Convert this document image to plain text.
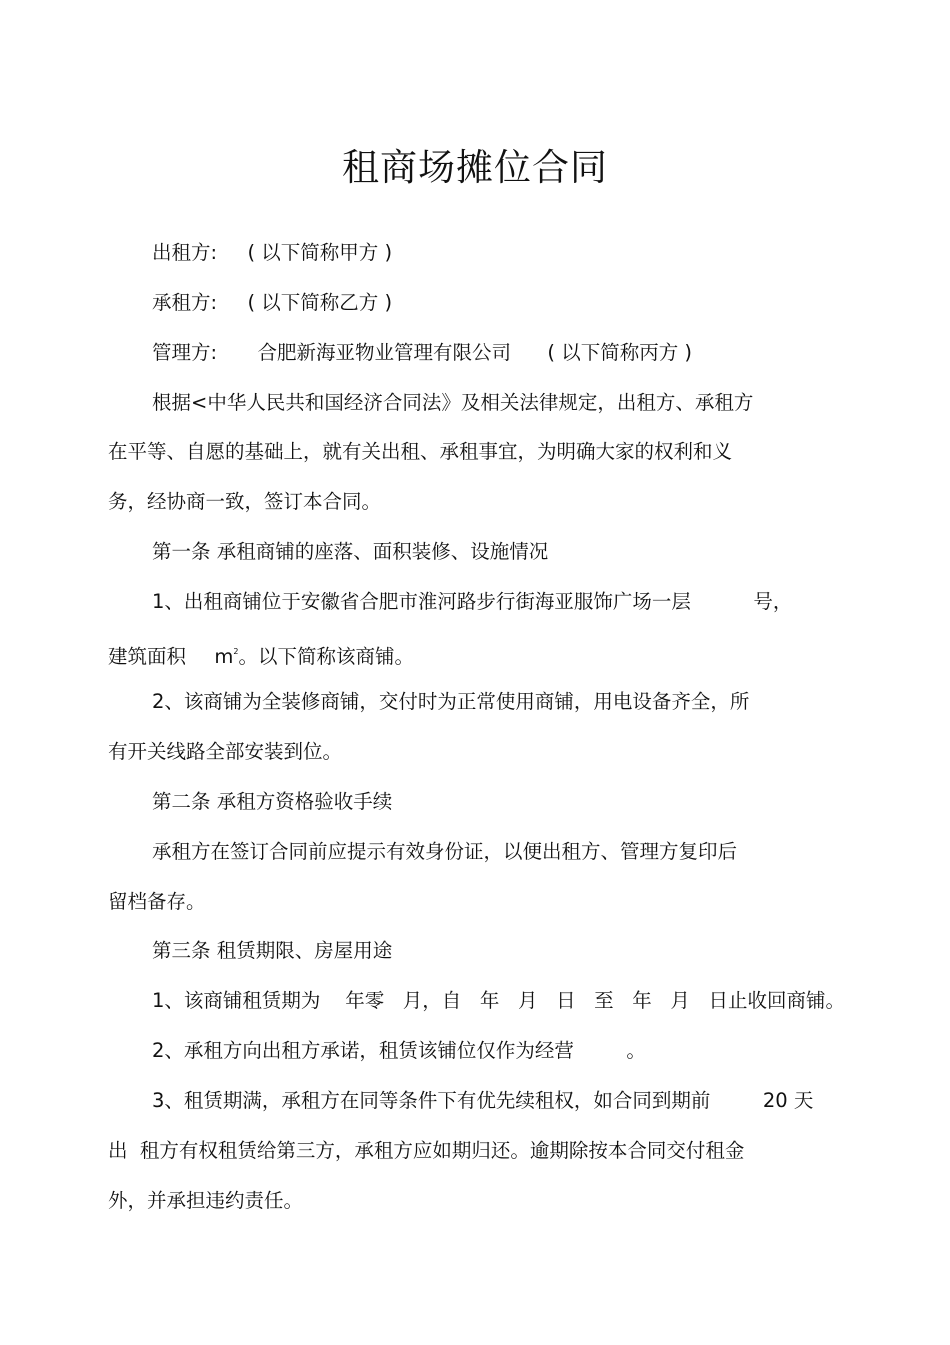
租商场摊位合同
出租方: ( 以下简称甲方 )
承租方: ( 以下简称乙方 )
管理方: 合肥新海亚物业管理有限公司 ( 以下简称丙方 )
根据<中华人民共和国经济合同法》及相关法律规定，出租方、承租方
在平等、自愿的基础上，就有关出租、承租事宜，为明确大家的权利和义
务，经协商一致，签订本合同。
第一条 承租商铺的座落、面积装修、设施情况
1、出租商铺位于安徽省合肥市淮河路步行街海亚服饰广场一层	号，
建筑面积 $m^2$。以下简称该商铺。
2、该商铺为全装修商铺，交付时为正常使用商铺，用电设备齐全，所
有开关线路全部安装到位。
第二条 承租方资格验收手续
承租方在签订合同前应提示有效身份证，以便出租方、管理方复印后
留档备存。
第三条 租赁期限、房屋用途
1、该商铺租赁期为    年零   月，自   年   月   日   至   年   月   日止收回商铺。
2、承租方向出租方承诺，租赁该铺位仅作为经营	。
3、租赁期满，承租方在同等条件下有优先续租权，如合同到期前	20 天
出  租方有权租赁给第三方，承租方应如期归还。逾期除按本合同交付租金
外，并承担违约责任。
